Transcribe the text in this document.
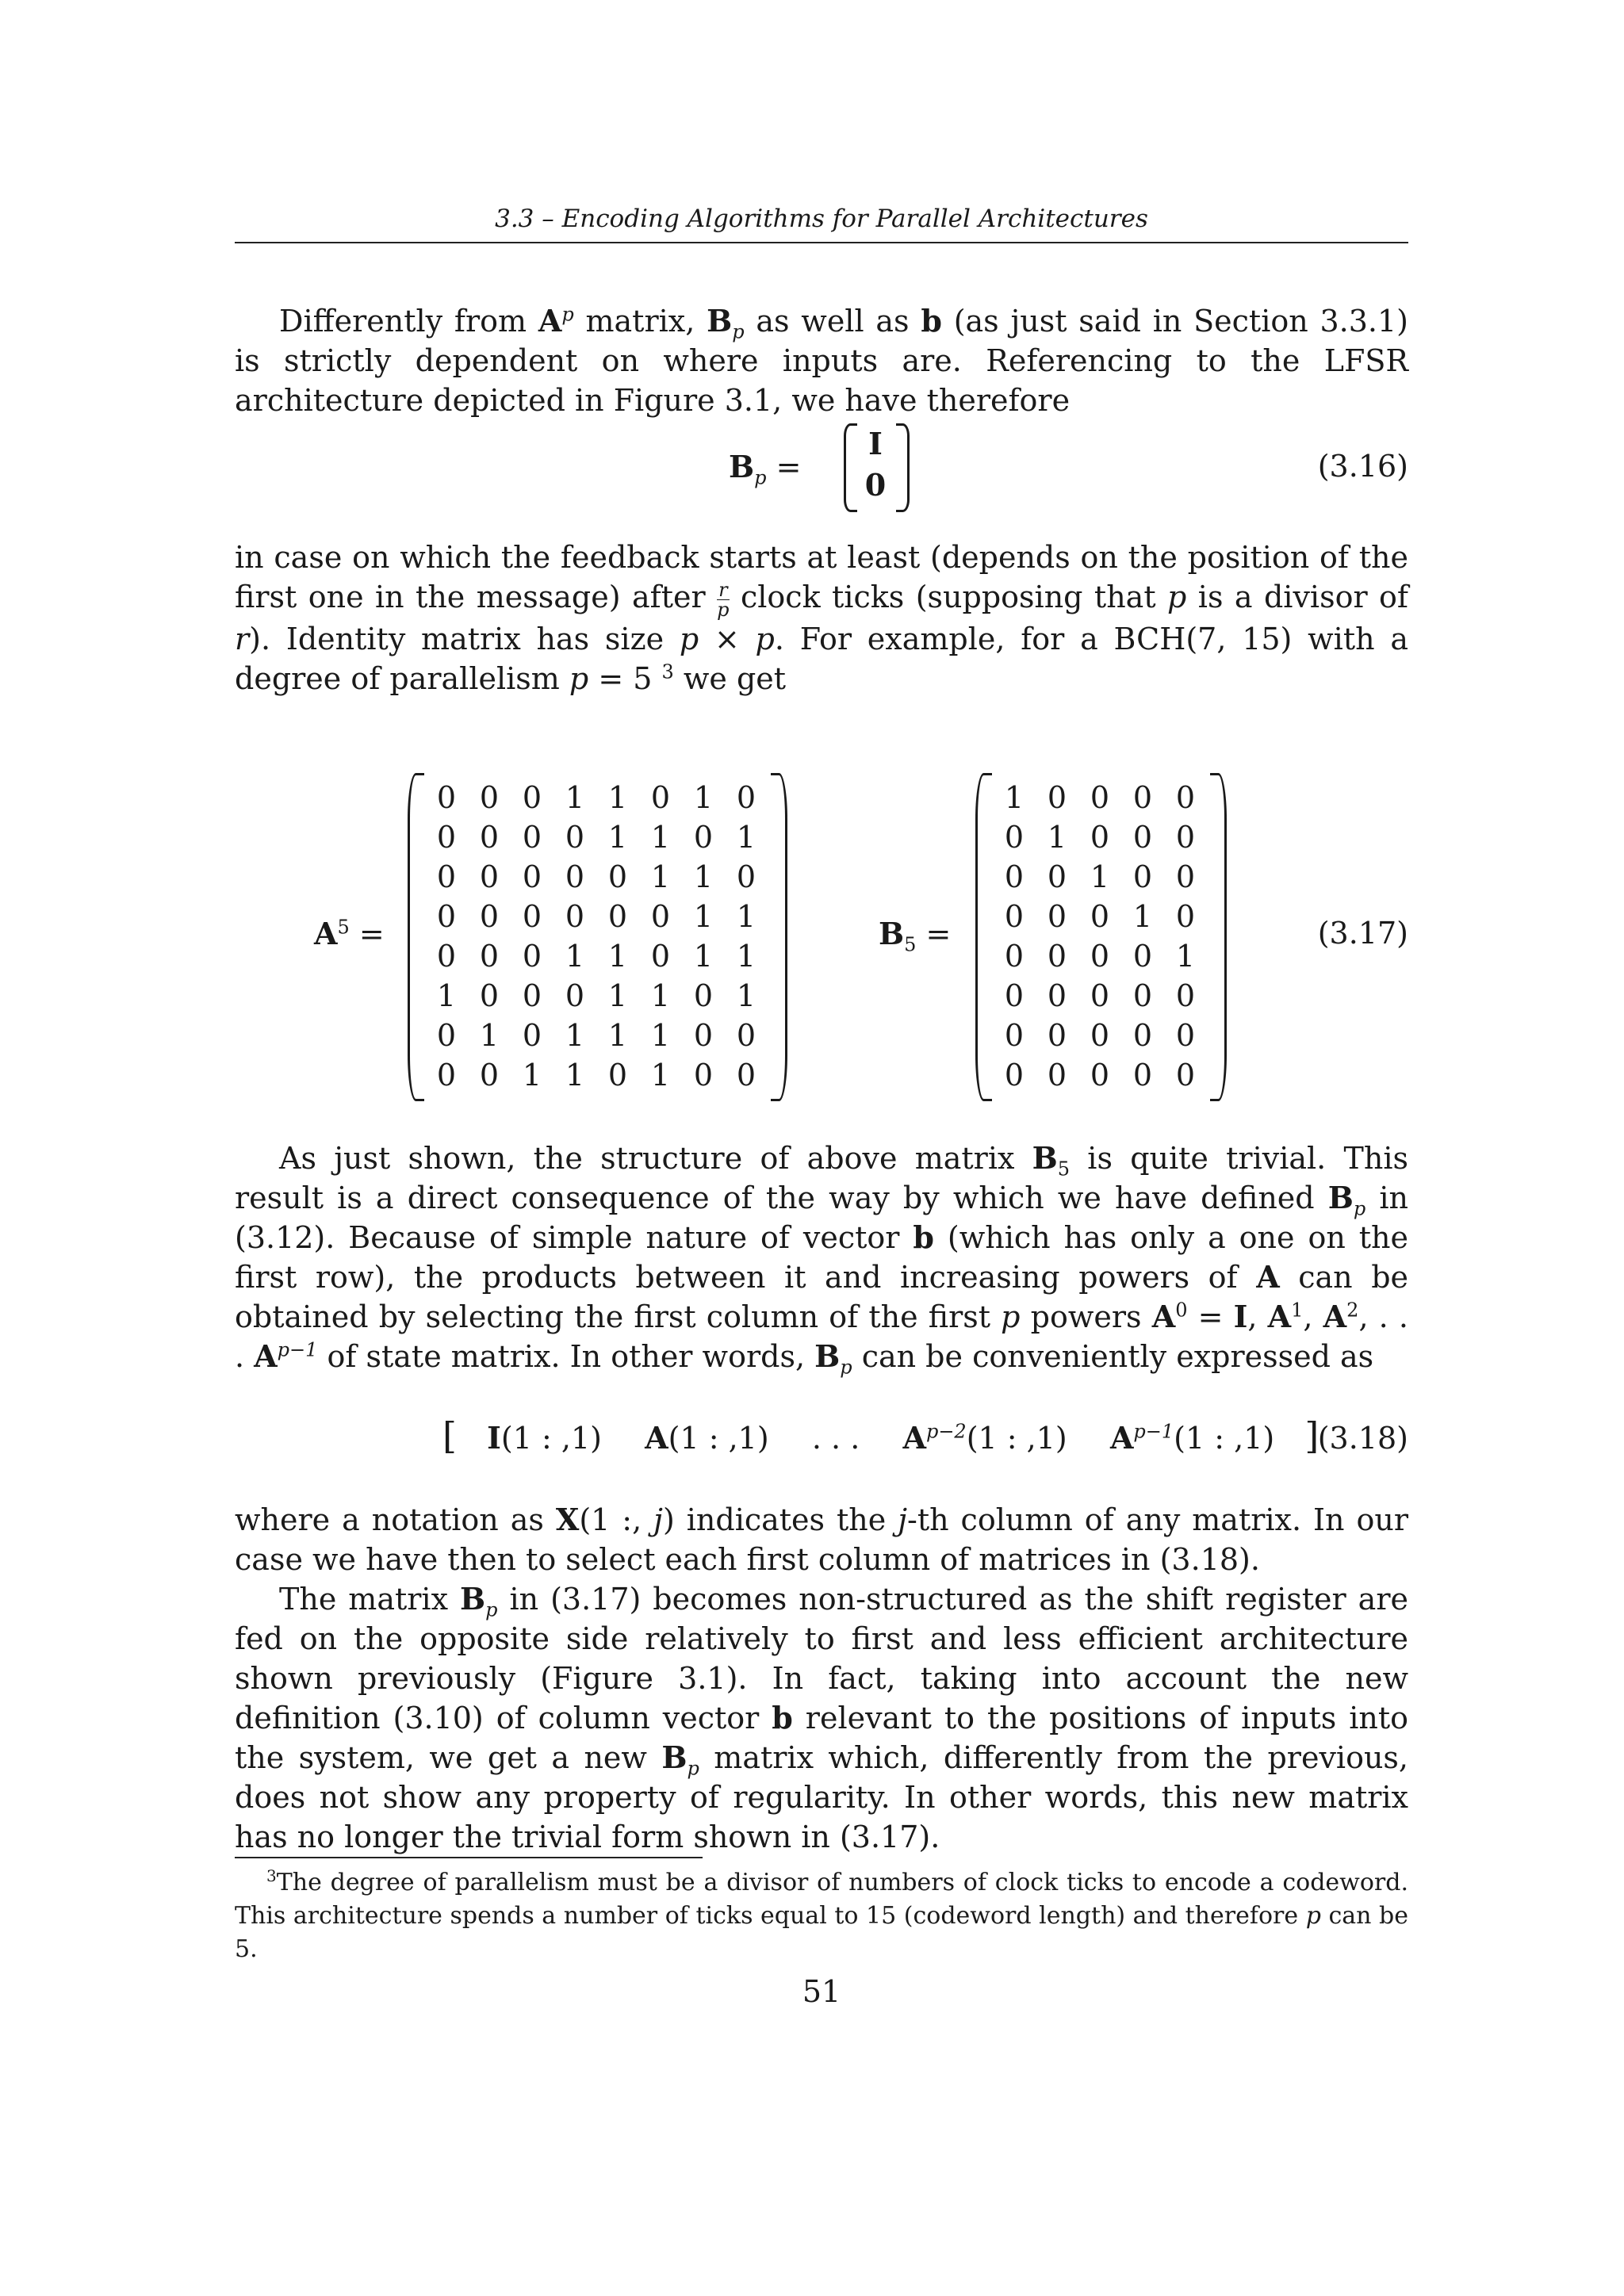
3.3 – Encoding Algorithms for Parallel Architectures

Differently from $A^p$ matrix, $B_p$ as well as b (as just said in Section 3.3.1) is strictly dependent on where inputs are. Referencing to the LFSR architecture depicted in Figure 3.1, we have therefore

$B_p$ =
I
0
(3.16)

in case on which the feedback starts at least (depends on the position of the first one in the message) after $\frac{r}{p}$ clock ticks (supposing that p is a divisor of r). Identity matrix has size p × p. For example, for a BCH(7, 15) with a degree of parallelism p = 5 $^3$ we get

$A^5$ =
0 0 0 1 1 0 1 0
0 0 0 0 1 1 0 1
0 0 0 0 0 1 1 0
0 0 0 0 0 0 1 1
0 0 0 1 1 0 1 1
1 0 0 0 1 1 0 1
0 1 0 1 1 1 0 0
0 0 1 1 0 1 0 0
$B_5$ =
1 0 0 0 0
0 1 0 0 0
0 0 1 0 0
0 0 0 1 0
0 0 0 0 1
0 0 0 0 0
0 0 0 0 0
0 0 0 0 0
(3.17)

As just shown, the structure of above matrix $B_5$ is quite trivial. This result is a direct consequence of the way by which we have defined $B_p$ in (3.12). Because of simple nature of vector b (which has only a one on the first row), the products between it and increasing powers of A can be obtained by selecting the first column of the first p powers $A^0 = I$, $A^1$, $A^2$, . . . $A^{p-1}$ of state matrix. In other words, $B_p$ can be conveniently expressed as

[ I(1 : ,1) A(1 : ,1) . . . $A^{p-2}(1$ : ,1) $A^{p-1}(1$ : ,1) ]
(3.18)

where a notation as X(1 :, j) indicates the j-th column of any matrix. In our case we have then to select each first column of matrices in (3.18).

The matrix $B_p$ in (3.17) becomes non-structured as the shift register are fed on the opposite side relatively to first and less efficient architecture shown previously (Figure 3.1). In fact, taking into account the new definition (3.10) of column vector b relevant to the positions of inputs into the system, we get a new $B_p$ matrix which, differently from the previous, does not show any property of regularity. In other words, this new matrix has no longer the trivial form shown in (3.17).

$^3$The degree of parallelism must be a divisor of numbers of clock ticks to encode a codeword. This architecture spends a number of ticks equal to 15 (codeword length) and therefore p can be 5.

51
